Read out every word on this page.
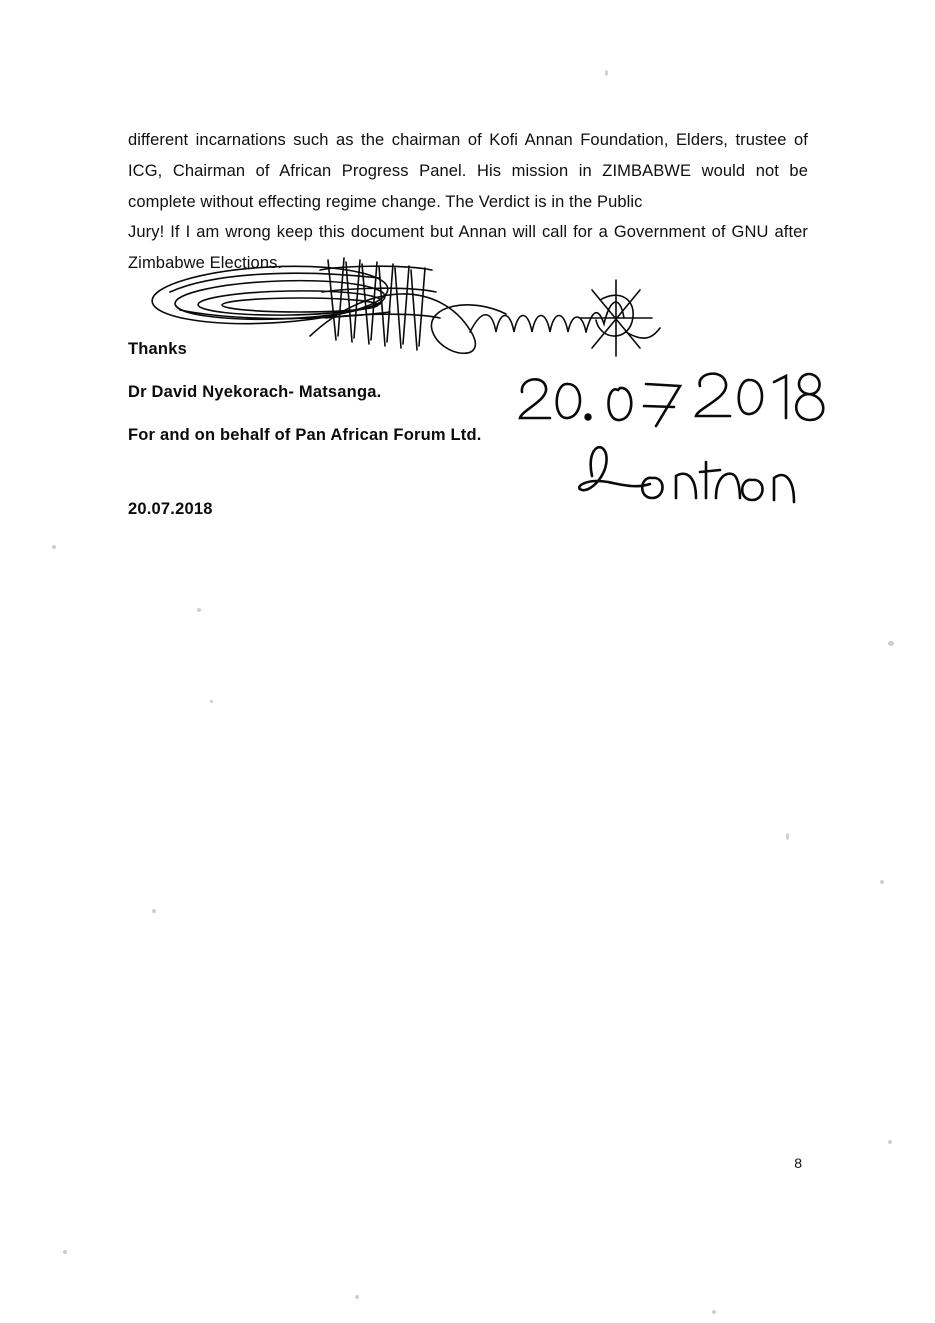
different incarnations such as the chairman of Kofi Annan Foundation, Elders, trustee of ICG, Chairman of African Progress Panel. His mission in ZIMBABWE would not be complete without effecting regime change. The Verdict is in the Public

Jury! If I am wrong keep this document but Annan will call for a Government of GNU after Zimbabwe Elections.

Thanks
Dr David Nyekorach- Matsanga.
For and on behalf of Pan African Forum Ltd.
20.07.2018
8
